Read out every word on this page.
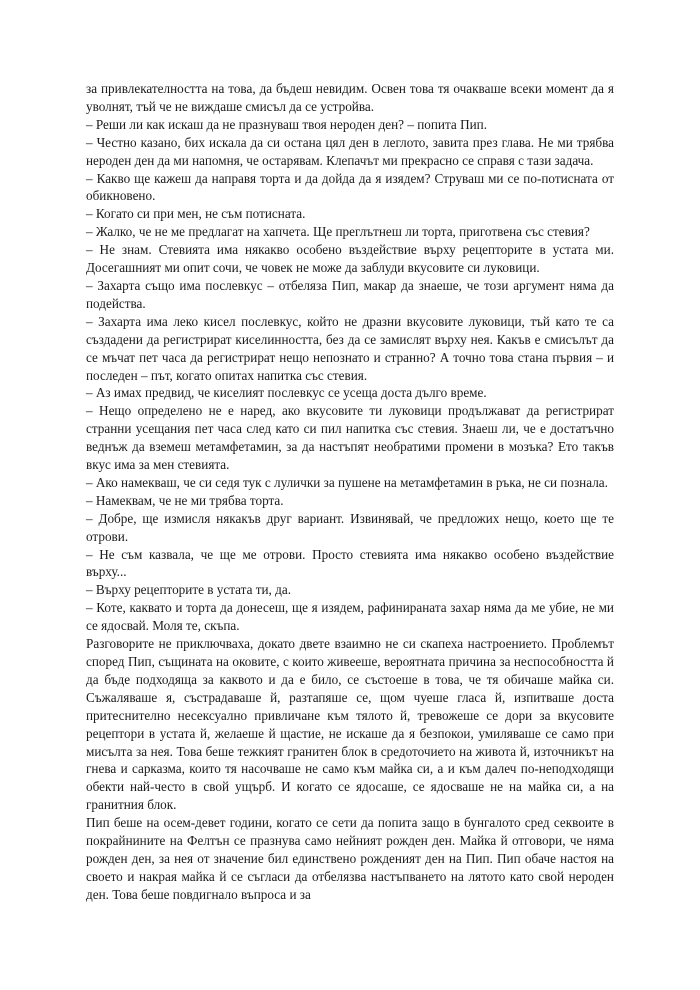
за привлекателността на това, да бъдеш невидим. Освен това тя очакваше всеки момент да я уволнят, тъй че не виждаше смисъл да се устройва.

– Реши ли как искаш да не празнуваш твоя нероден ден? – попита Пип.

– Честно казано, бих искала да си остана цял ден в леглото, завита през глава. Не ми трябва нероден ден да ми напомня, че остарявам. Клепачът ми прекрасно се справя с тази задача.

– Какво ще кажеш да направя торта и да дойда да я изядем? Струваш ми се по-потисната от обикновено.

– Когато си при мен, не съм потисната.

– Жалко, че не ме предлагат на хапчета. Ще преглътнеш ли торта, приготвена със стевия?

– Не знам. Стевията има някакво особено въздействие върху рецепторите в устата ми. Досегашният ми опит сочи, че човек не може да заблуди вкусовите си луковици.

– Захарта също има послевкус – отбеляза Пип, макар да знаеше, че този аргумент няма да подейства.

– Захарта има леко кисел послевкус, който не дразни вкусовите луковици, тъй като те са създадени да регистрират киселинността, без да се замислят върху нея. Какъв е смисълът да се мъчат пет часа да регистрират нещо непознато и странно? А точно това стана първия – и последен – път, когато опитах напитка със стевия.

– Аз имах предвид, че киселият послевкус се усеща доста дълго време.

– Нещо определено не е наред, ако вкусовите ти луковици продължават да регистрират странни усещания пет часа след като си пил напитка със стевия. Знаеш ли, че е достатъчно веднъж да вземеш метамфетамин, за да настъпят необратими промени в мозъка? Ето такъв вкус има за мен стевията.

– Ако намекваш, че си седя тук с лулички за пушене на метамфетамин в ръка, не си познала.

– Намеквам, че не ми трябва торта.

– Добре, ще измисля някакъв друг вариант. Извинявай, че предложих нещо, което ще те отрови.

– Не съм казвала, че ще ме отрови. Просто стевията има някакво особено въздействие върху...

– Върху рецепторите в устата ти, да.

– Коте, каквато и торта да донесеш, ще я изядем, рафинираната захар няма да ме убие, не ми се ядосвай. Моля те, скъпа.

Разговорите не приключваха, докато двете взаимно не си скапеха настроението. Проблемът според Пип, същината на оковите, с които живееше, вероятната причина за неспособността й да бъде подходяща за каквото и да е било, се състоеше в това, че тя обичаше майка си. Съжаляваше я, състрадаваше й, разтапяше се, щом чуеше гласа й, изпитваше доста притеснително несексуално привличане към тялото й, тревожеше се дори за вкусовите рецептори в устата й, желаеше й щастие, не искаше да я безпокои, умиляваше се само при мисълта за нея. Това беше тежкият гранитен блок в средоточието на живота й, източникът на гнева и сарказма, които тя насочваше не само към майка си, а и към далеч по-неподходящи обекти най-често в свой ущърб. И когато се ядосаше, се ядосваше не на майка си, а на гранитния блок.

Пип беше на осем-девет години, когато се сети да попита защо в бунгалото сред секвоите в покрайнините на Фелтън се празнува само нейният рожден ден. Майка й отговори, че няма рожден ден, за нея от значение бил единствено рожденият ден на Пип. Пип обаче настоя на своето и накрая майка й се съгласи да отбелязва настъпването на лятото като свой нероден ден. Това беше повдигнало въпроса и за
